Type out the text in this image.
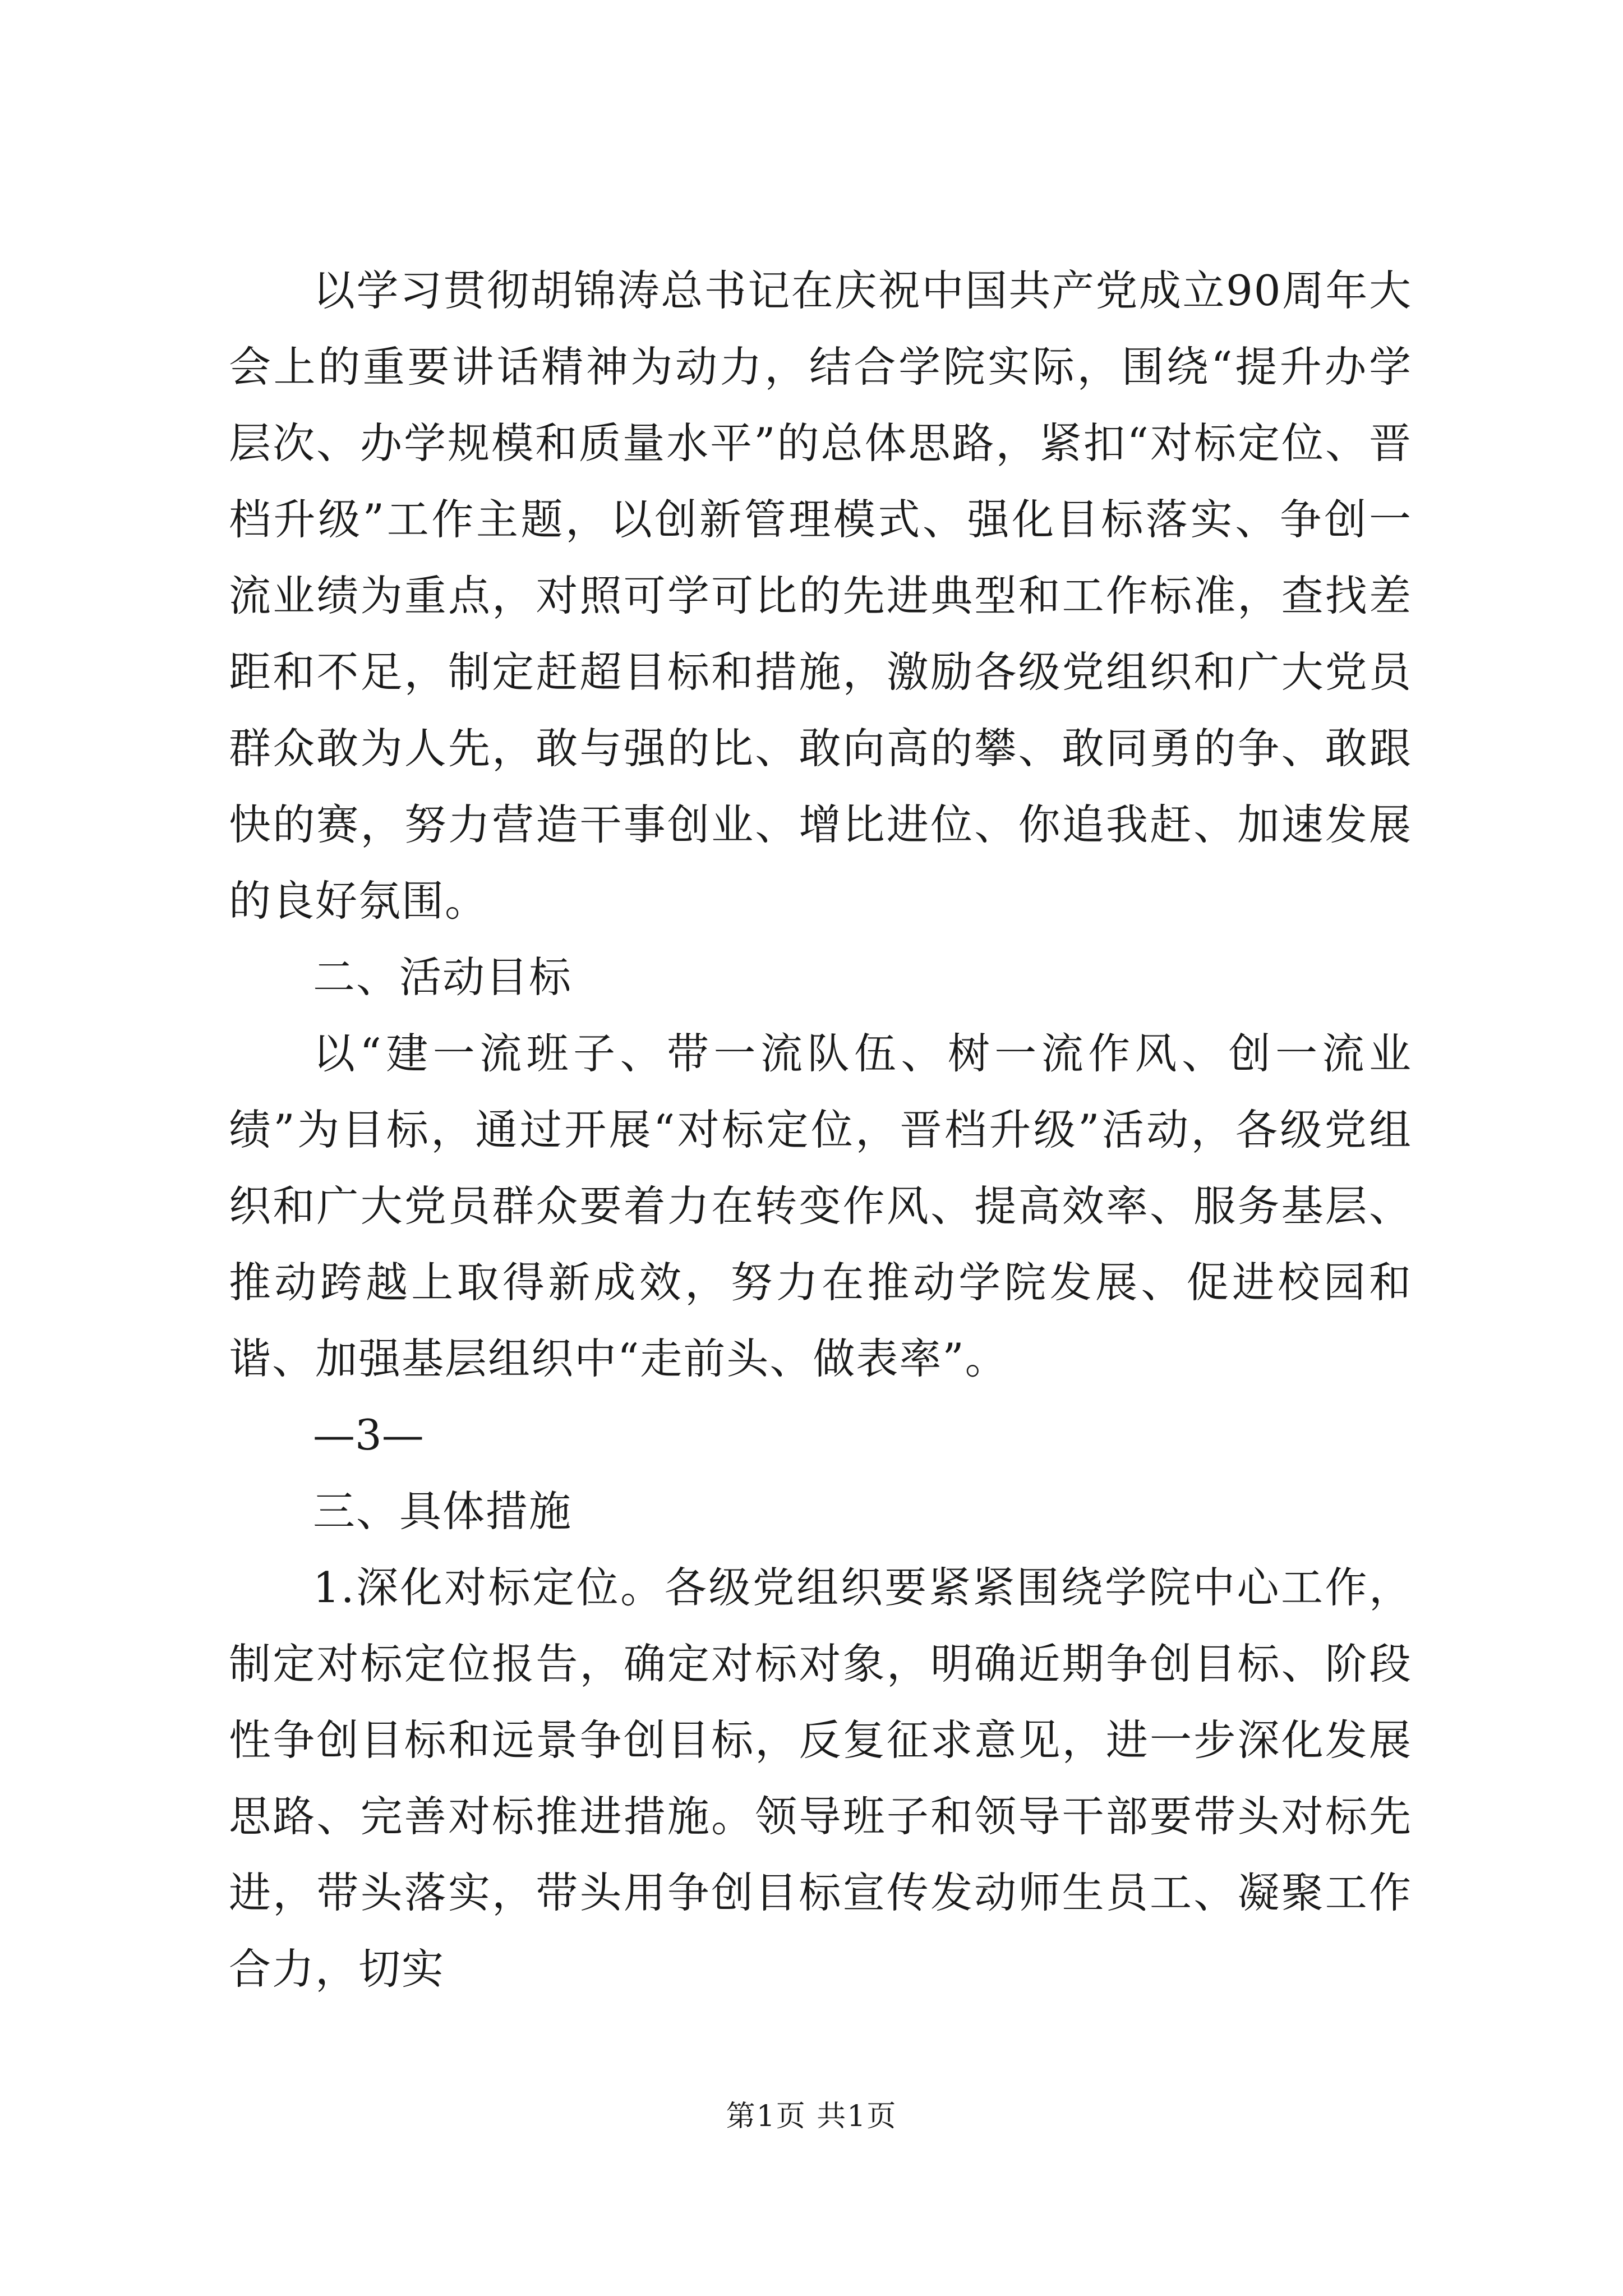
以学习贯彻胡锦涛总书记在庆祝中国共产党成立90周年大会上的重要讲话精神为动力，结合学院实际，围绕“提升办学层次、办学规模和质量水平”的总体思路，紧扣“对标定位、晋档升级”工作主题，以创新管理模式、强化目标落实、争创一流业绩为重点，对照可学可比的先进典型和工作标准，查找差距和不足，制定赶超目标和措施，激励各级党组织和广大党员群众敢为人先，敢与强的比、敢向高的攀、敢同勇的争、敢跟快的赛，努力营造干事创业、增比进位、你追我赶、加速发展的良好氛围。

二、活动目标

以“建一流班子、带一流队伍、树一流作风、创一流业绩”为目标，通过开展“对标定位，晋档升级”活动，各级党组织和广大党员群众要着力在转变作风、提高效率、服务基层、推动跨越上取得新成效，努力在推动学院发展、促进校园和谐、加强基层组织中“走前头、做表率”。

—3—

三、具体措施

1.深化对标定位。各级党组织要紧紧围绕学院中心工作，制定对标定位报告，确定对标对象，明确近期争创目标、阶段性争创目标和远景争创目标，反复征求意见，进一步深化发展思路、完善对标推进措施。领导班子和领导干部要带头对标先进，带头落实，带头用争创目标宣传发动师生员工、凝聚工作合力，切实

第1页 共1页
